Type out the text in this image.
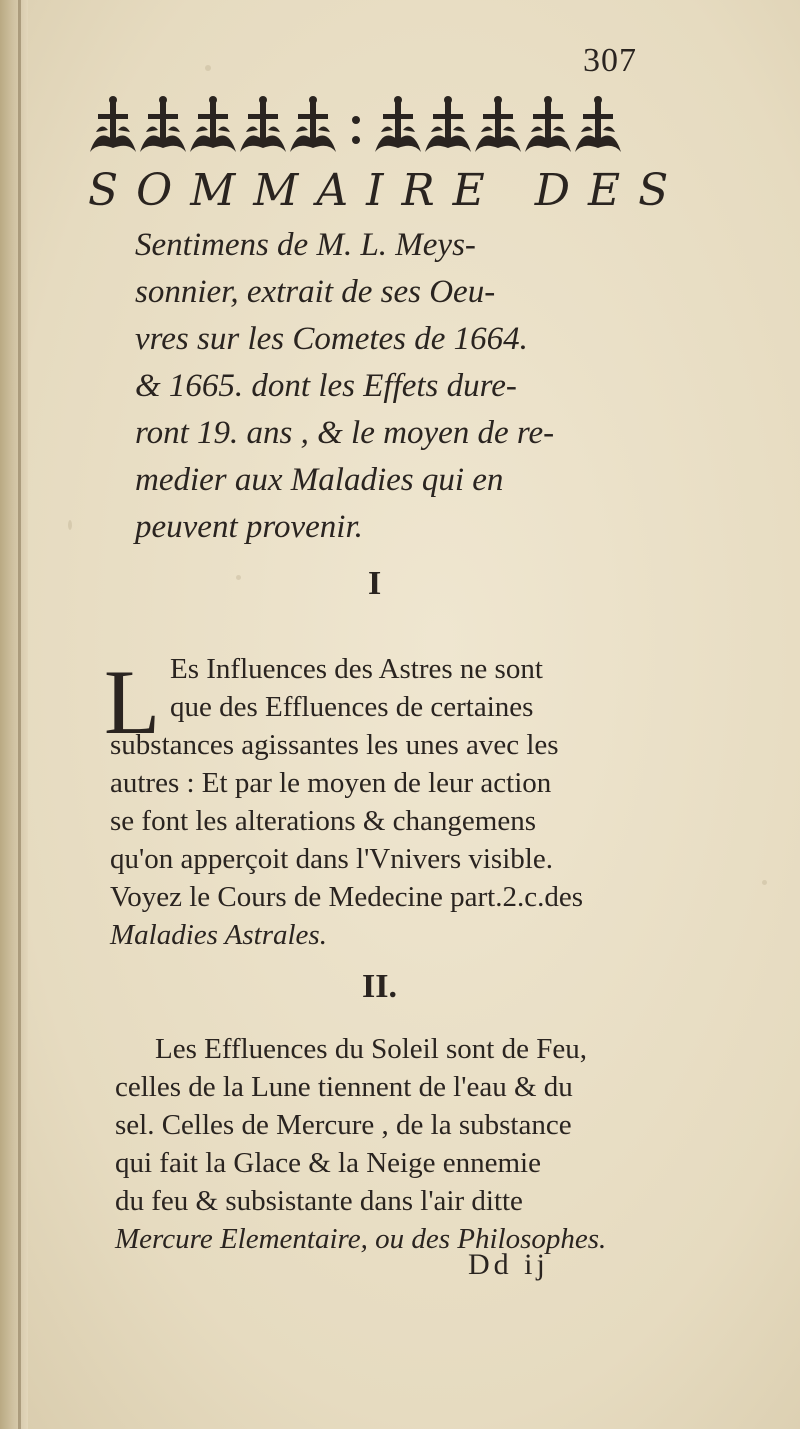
307
SOMMAIRE DES

Sentimens de M. L. Meys-

sonnier, extrait de ses Oeu-

vres sur les Cometes de 1664.

& 1665. dont les Effets dure-

ront 19. ans , & le moyen de re-

medier aux Maladies qui en

peuvent provenir.

I
L Es Influences des Astres ne sont

que des Effluences de certaines

substances agissantes les unes avec les

autres : Et par le moyen de leur action

se font les alterations & changemens

qu'on apperçoit dans l'Vnivers visible.

Voyez le Cours de Medecine part.2.c.des

Maladies Astrales.

II.

Les Effluences du Soleil sont de Feu,

celles de la Lune tiennent de l'eau & du

sel. Celles de Mercure , de la substance

qui fait la Glace & la Neige ennemie

du feu & subsistante dans l'air ditte

Mercure Elementaire, ou des Philosophes.

Dd ij
